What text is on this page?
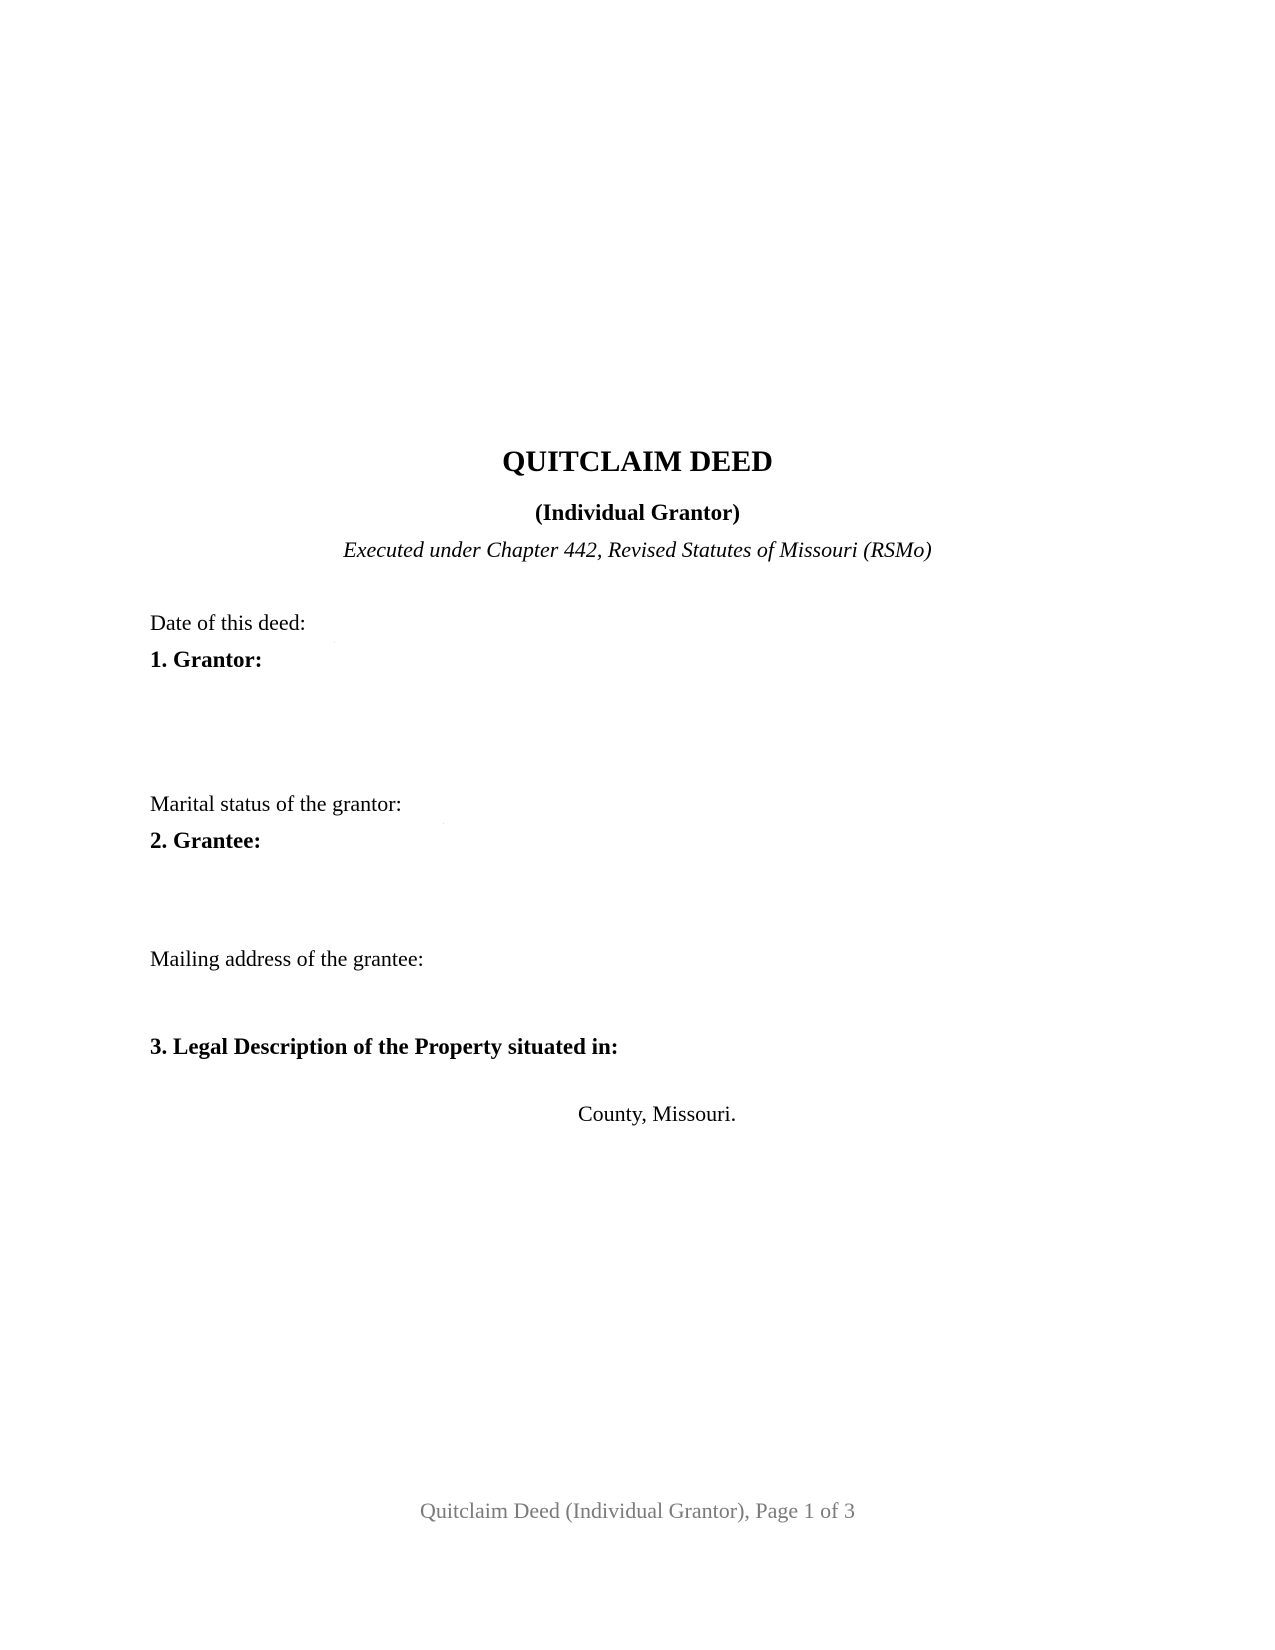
QUITCLAIM DEED
(Individual Grantor)
Executed under Chapter 442, Revised Statutes of Missouri (RSMo)
Date of this deed:
1. Grantor:
Marital status of the grantor:
2. Grantee:
Mailing address of the grantee:
3. Legal Description of the Property situated in:
County, Missouri.
Quitclaim Deed (Individual Grantor), Page 1 of 3
